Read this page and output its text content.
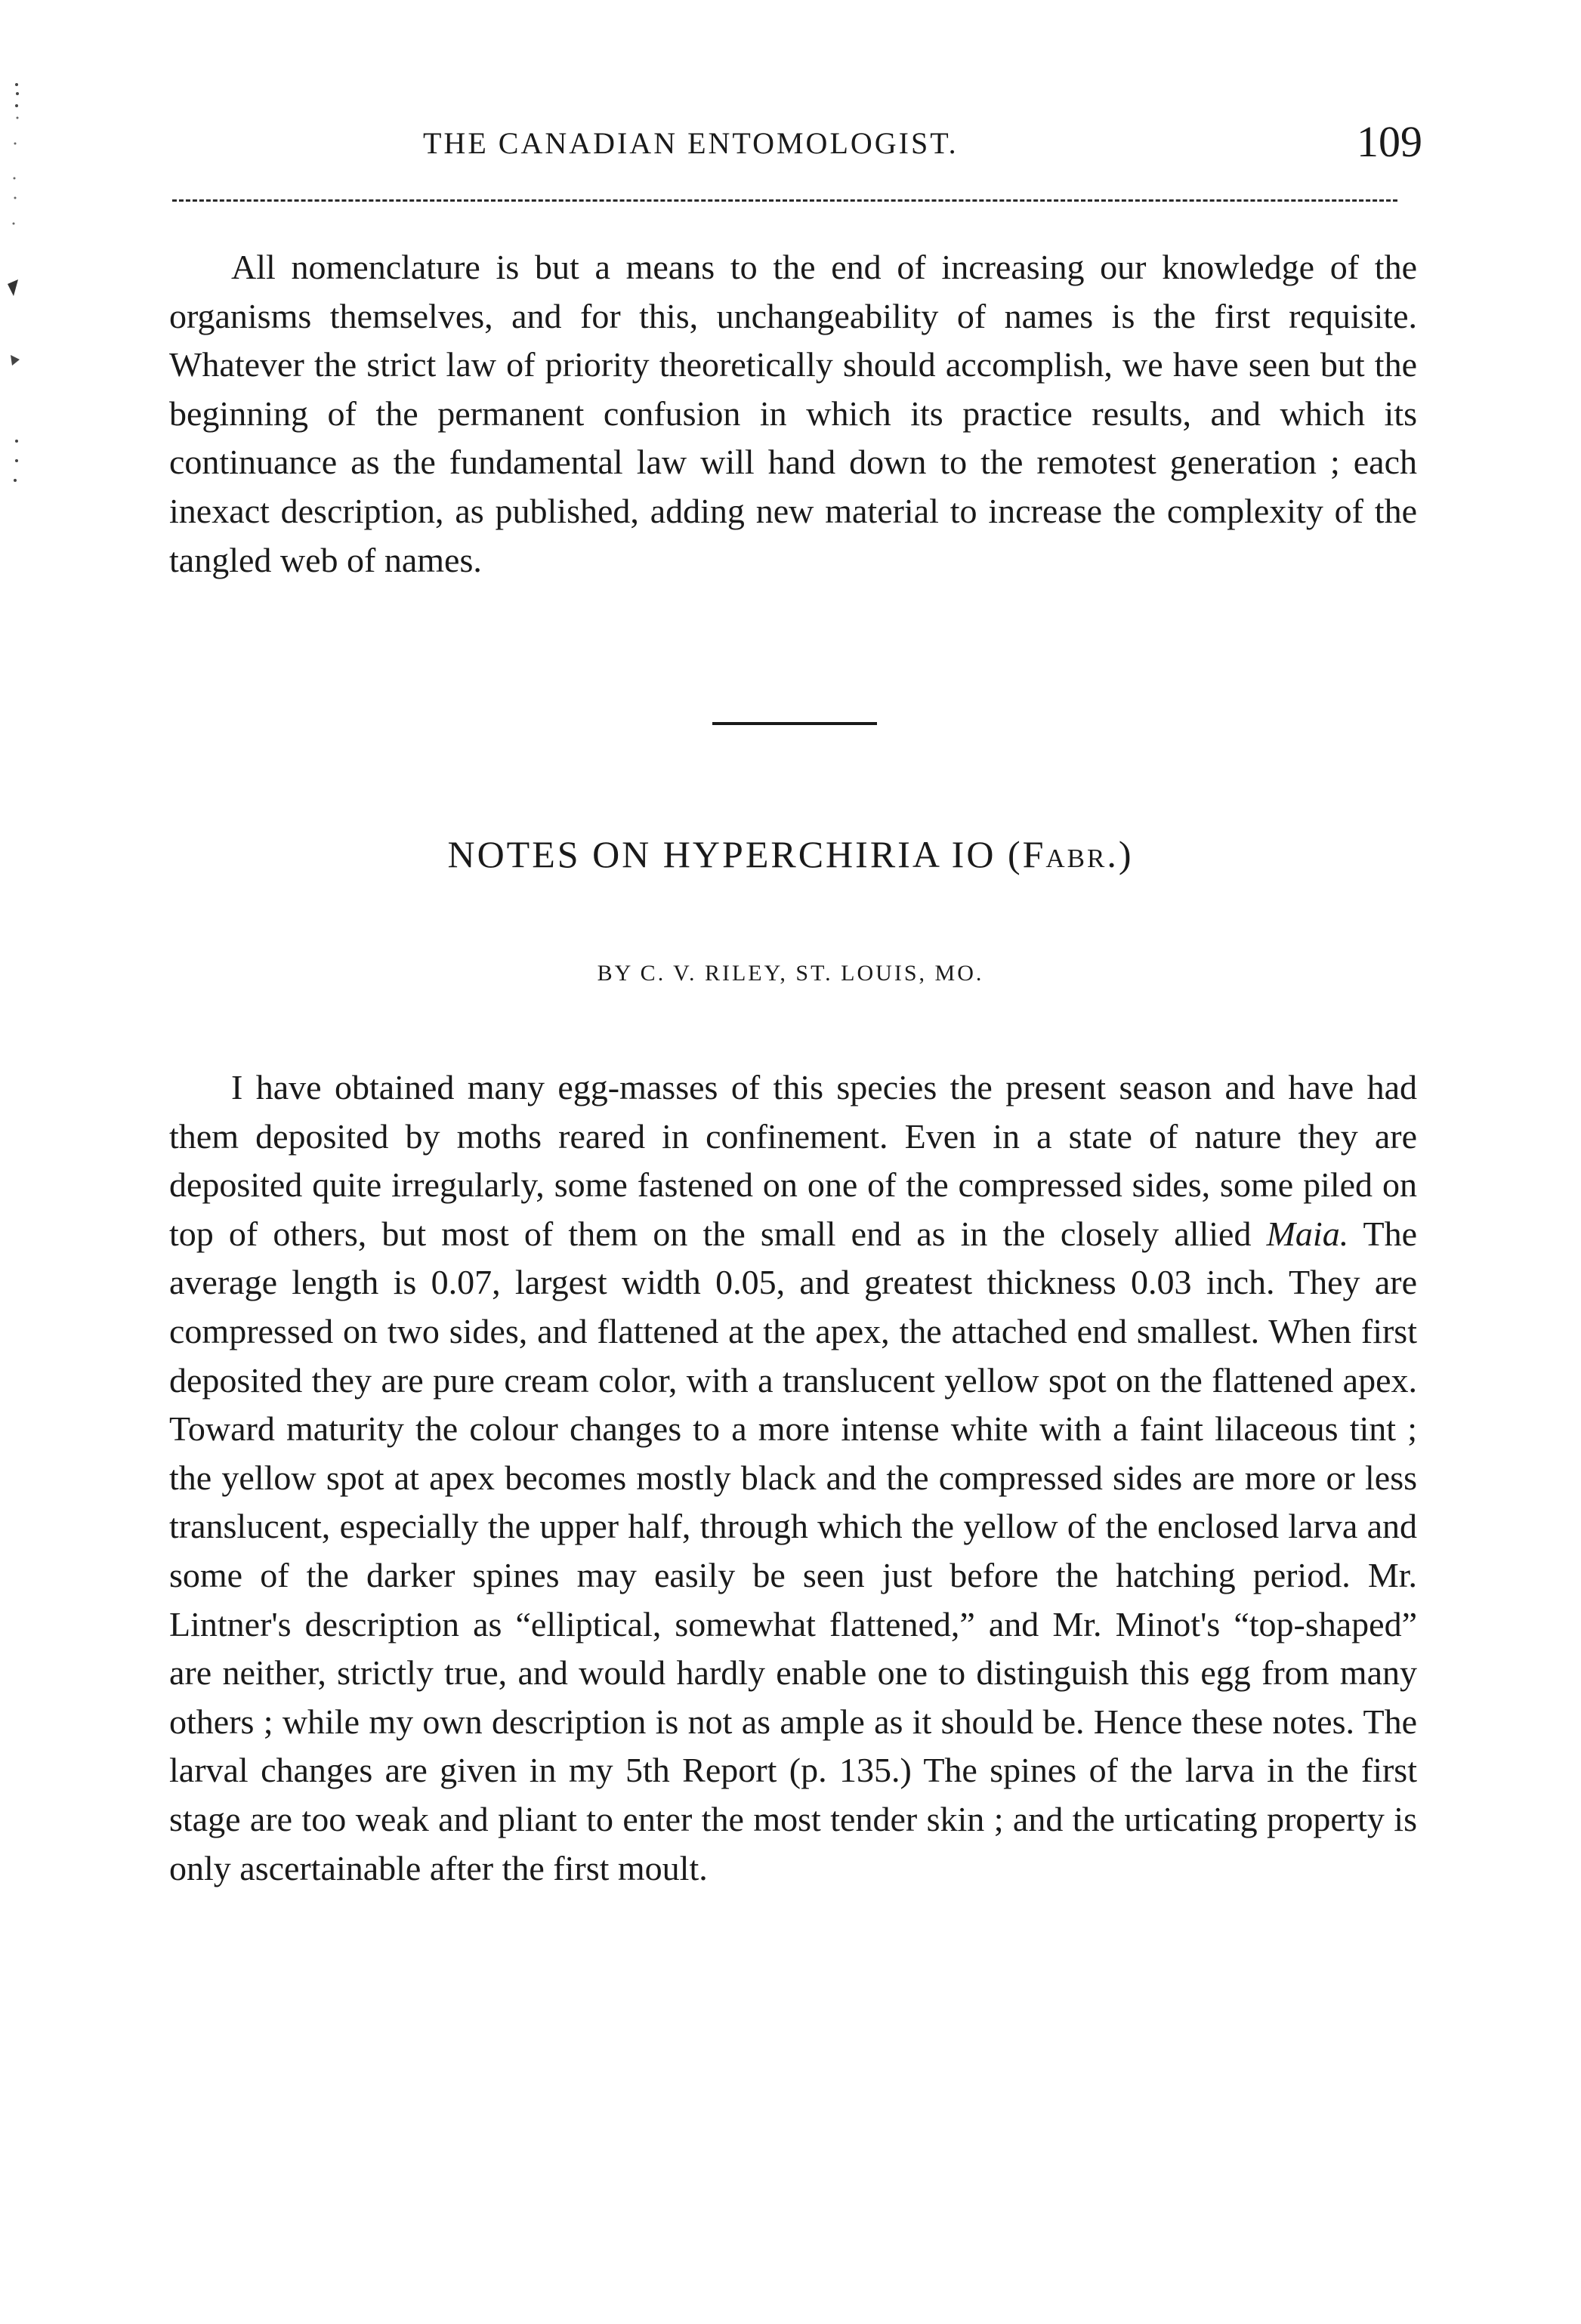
THE CANADIAN ENTOMOLOGIST.	109

All nomenclature is but a means to the end of increasing our knowledge of the organisms themselves, and for this, unchangeability of names is the first requisite. Whatever the strict law of priority theoretically should accomplish, we have seen but the beginning of the permanent confusion in which its practice results, and which its continuance as the fundamental law will hand down to the remotest generation ; each inexact description, as published, adding new material to increase the complexity of the tangled web of names.

NOTES ON HYPERCHIRIA IO (Fabr.)
BY C. V. RILEY, ST. LOUIS, MO.

I have obtained many egg-masses of this species the present season and have had them deposited by moths reared in confinement. Even in a state of nature they are deposited quite irregularly, some fastened on one of the compressed sides, some piled on top of others, but most of them on the small end as in the closely allied Maia. The average length is 0.07, largest width 0.05, and greatest thickness 0.03 inch. They are compressed on two sides, and flattened at the apex, the attached end smallest. When first deposited they are pure cream color, with a translucent yellow spot on the flattened apex. Toward maturity the colour changes to a more intense white with a faint lilaceous tint ; the yellow spot at apex becomes mostly black and the compressed sides are more or less translucent, especially the upper half, through which the yellow of the enclosed larva and some of the darker spines may easily be seen just before the hatching period. Mr. Lintner's description as “elliptical, somewhat flattened,” and Mr. Minot's “top-shaped” are neither, strictly true, and would hardly enable one to distinguish this egg from many others ; while my own description is not as ample as it should be. Hence these notes. The larval changes are given in my 5th Report (p. 135.) The spines of the larva in the first stage are too weak and pliant to enter the most tender skin ; and the urticating property is only ascertainable after the first moult.
